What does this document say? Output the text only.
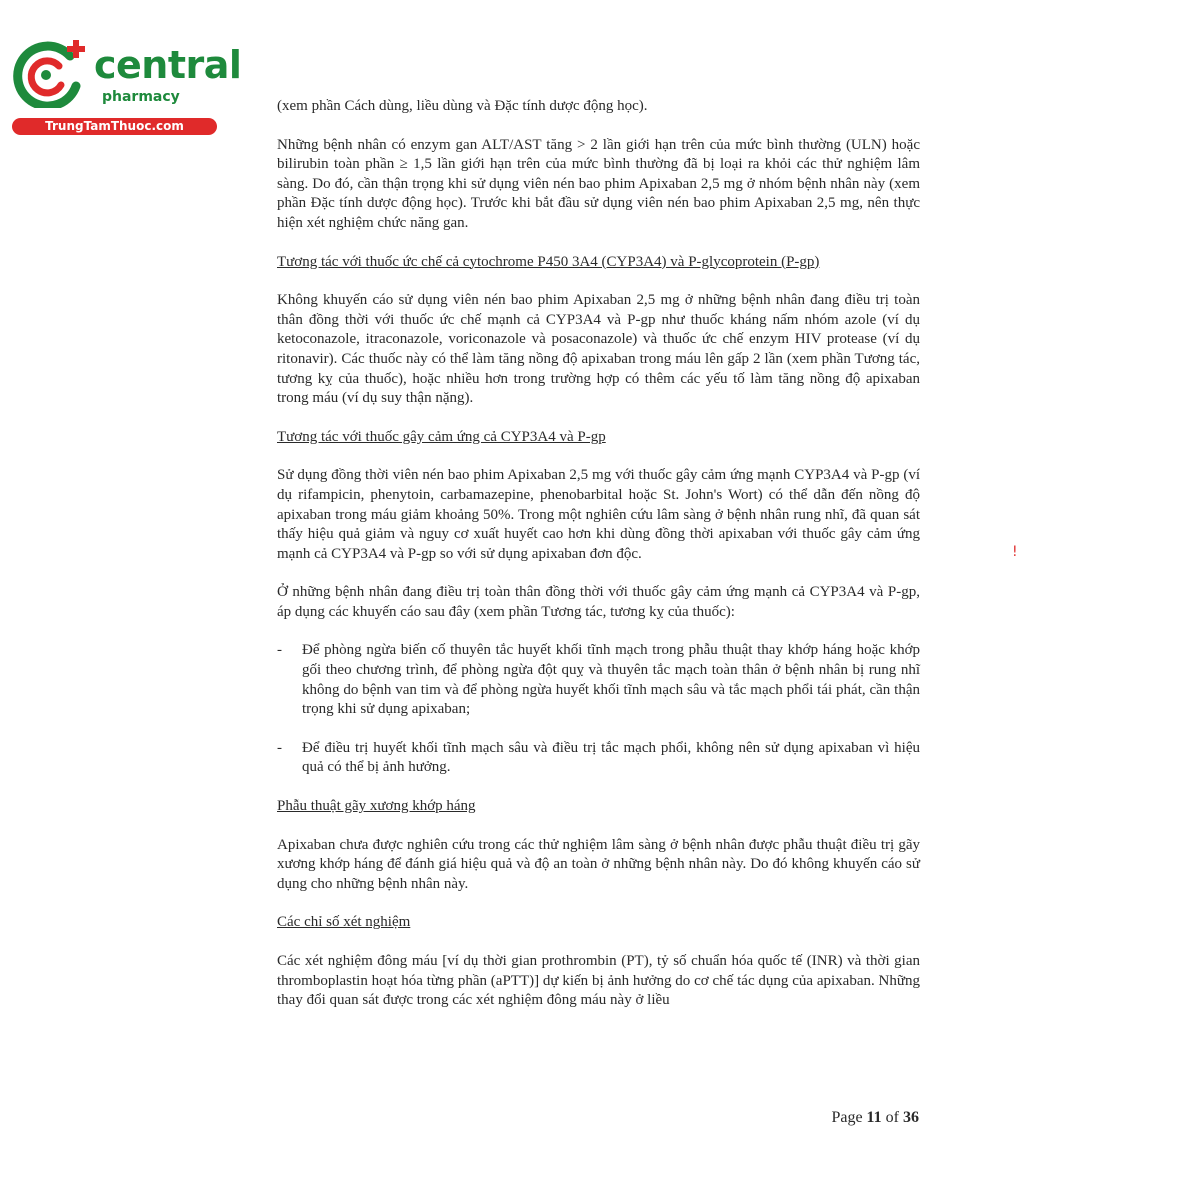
central
pharmacy
TrungTamThuoc.com

(xem phần Cách dùng, liều dùng và Đặc tính dược động học).

Những bệnh nhân có enzym gan ALT/AST tăng > 2 lần giới hạn trên của mức bình thường (ULN) hoặc bilirubin toàn phần ≥ 1,5 lần giới hạn trên của mức bình thường đã bị loại ra khỏi các thử nghiệm lâm sàng. Do đó, cần thận trọng khi sử dụng viên nén bao phim Apixaban 2,5 mg ở nhóm bệnh nhân này (xem phần Đặc tính dược động học). Trước khi bắt đầu sử dụng viên nén bao phim Apixaban 2,5 mg, nên thực hiện xét nghiệm chức năng gan.

Tương tác với thuốc ức chế cả cytochrome P450 3A4 (CYP3A4) và P-glycoprotein (P-gp)

Không khuyến cáo sử dụng viên nén bao phim Apixaban 2,5 mg ở những bệnh nhân đang điều trị toàn thân đồng thời với thuốc ức chế mạnh cả CYP3A4 và P-gp như thuốc kháng nấm nhóm azole (ví dụ ketoconazole, itraconazole, voriconazole và posaconazole) và thuốc ức chế enzym HIV protease (ví dụ ritonavir). Các thuốc này có thể làm tăng nồng độ apixaban trong máu lên gấp 2 lần (xem phần Tương tác, tương kỵ của thuốc), hoặc nhiều hơn trong trường hợp có thêm các yếu tố làm tăng nồng độ apixaban trong máu (ví dụ suy thận nặng).

Tương tác với thuốc gây cảm ứng cả CYP3A4 và P-gp

Sử dụng đồng thời viên nén bao phim Apixaban 2,5 mg với thuốc gây cảm ứng mạnh CYP3A4 và P-gp (ví dụ rifampicin, phenytoin, carbamazepine, phenobarbital hoặc St. John's Wort) có thể dẫn đến nồng độ apixaban trong máu giảm khoảng 50%. Trong một nghiên cứu lâm sàng ở bệnh nhân rung nhĩ, đã quan sát thấy hiệu quả giảm và nguy cơ xuất huyết cao hơn khi dùng đồng thời apixaban với thuốc gây cảm ứng mạnh cả CYP3A4 và P-gp so với sử dụng apixaban đơn độc.

Ở những bệnh nhân đang điều trị toàn thân đồng thời với thuốc gây cảm ứng mạnh cả CYP3A4 và P-gp, áp dụng các khuyến cáo sau đây (xem phần Tương tác, tương kỵ của thuốc):

- Để phòng ngừa biến cố thuyên tắc huyết khối tĩnh mạch trong phẫu thuật thay khớp háng hoặc khớp gối theo chương trình, để phòng ngừa đột quỵ và thuyên tắc mạch toàn thân ở bệnh nhân bị rung nhĩ không do bệnh van tim và để phòng ngừa huyết khối tĩnh mạch sâu và tắc mạch phổi tái phát, cần thận trọng khi sử dụng apixaban;
- Để điều trị huyết khối tĩnh mạch sâu và điều trị tắc mạch phổi, không nên sử dụng apixaban vì hiệu quả có thể bị ảnh hưởng.

Phẫu thuật gãy xương khớp háng

Apixaban chưa được nghiên cứu trong các thử nghiệm lâm sàng ở bệnh nhân được phẫu thuật điều trị gãy xương khớp háng để đánh giá hiệu quả và độ an toàn ở những bệnh nhân này. Do đó không khuyến cáo sử dụng cho những bệnh nhân này.

Các chỉ số xét nghiệm

Các xét nghiệm đông máu [ví dụ thời gian prothrombin (PT), tỷ số chuẩn hóa quốc tế (INR) và thời gian thromboplastin hoạt hóa từng phần (aPTT)] dự kiến bị ảnh hưởng do cơ chế tác dụng của apixaban. Những thay đổi quan sát được trong các xét nghiệm đông máu này ở liều

!
Page 11 of 36
